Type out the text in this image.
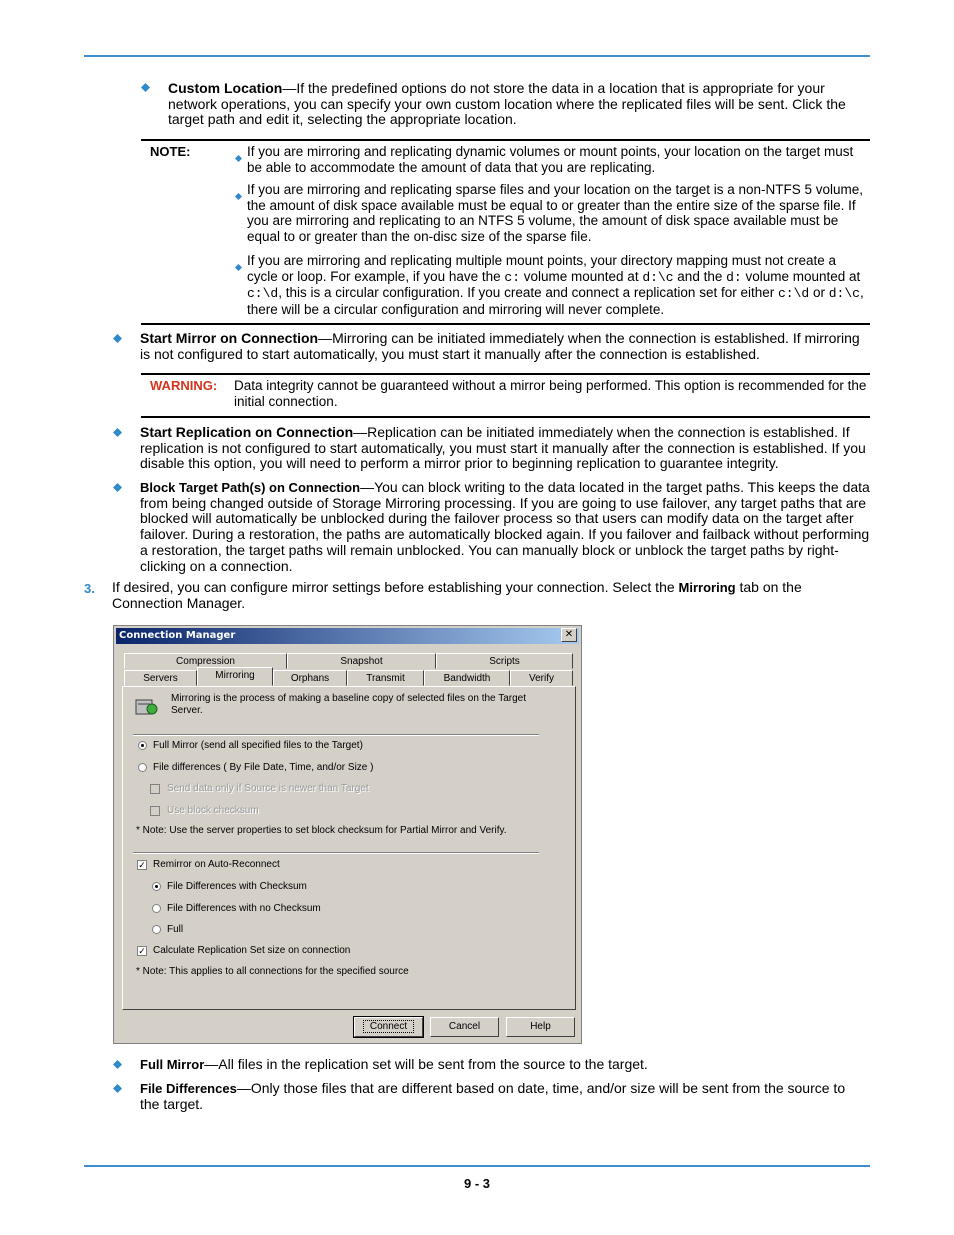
Custom Location—If the predefined options do not store the data in a location that is appropriate for your network operations, you can specify your own custom location where the replicated files will be sent. Click the target path and edit it, selecting the appropriate location.
NOTE:	If you are mirroring and replicating dynamic volumes or mount points, your location on the target must be able to accommodate the amount of data that you are replicating.
If you are mirroring and replicating sparse files and your location on the target is a non-NTFS 5 volume, the amount of disk space available must be equal to or greater than the entire size of the sparse file. If you are mirroring and replicating to an NTFS 5 volume, the amount of disk space available must be equal to or greater than the on-disc size of the sparse file.
If you are mirroring and replicating multiple mount points, your directory mapping must not create a cycle or loop. For example, if you have the c: volume mounted at d:\c and the d: volume mounted at c:\d, this is a circular configuration. If you create and connect a replication set for either c:\d or d:\c, there will be a circular configuration and mirroring will never complete.
Start Mirror on Connection—Mirroring can be initiated immediately when the connection is established. If mirroring is not configured to start automatically, you must start it manually after the connection is established.
WARNING: Data integrity cannot be guaranteed without a mirror being performed. This option is recommended for the initial connection.
Start Replication on Connection—Replication can be initiated immediately when the connection is established. If replication is not configured to start automatically, you must start it manually after the connection is established. If you disable this option, you will need to perform a mirror prior to beginning replication to guarantee integrity.
Block Target Path(s) on Connection—You can block writing to the data located in the target paths. This keeps the data from being changed outside of Storage Mirroring processing. If you are going to use failover, any target paths that are blocked will automatically be unblocked during the failover process so that users can modify data on the target after failover. During a restoration, the paths are automatically blocked again. If you failover and failback without performing a restoration, the target paths will remain unblocked. You can manually block or unblock the target paths by right-clicking on a connection.
3. If desired, you can configure mirror settings before establishing your connection. Select the Mirroring tab on the Connection Manager.
Connection Manager	✕
Compression	Snapshot	Scripts
Servers	Mirroring	Orphans	Transmit	Bandwidth	Verify
Mirroring is the process of making a baseline copy of selected files on the Target Server.
Full Mirror (send all specified files to the Target)
File differences ( By File Date, Time, and/or Size )
Send data only if Source is newer than Target
Use block checksum
* Note: Use the server properties to set block checksum for Partial Mirror and Verify.
✓ Remirror on Auto-Reconnect
File Differences with Checksum
File Differences with no Checksum
Full
✓ Calculate Replication Set size on connection
* Note: This applies to all connections for the specified source
Connect	Cancel	Help
Full Mirror—All files in the replication set will be sent from the source to the target.
File Differences—Only those files that are different based on date, time, and/or size will be sent from the source to the target.
9 - 3
